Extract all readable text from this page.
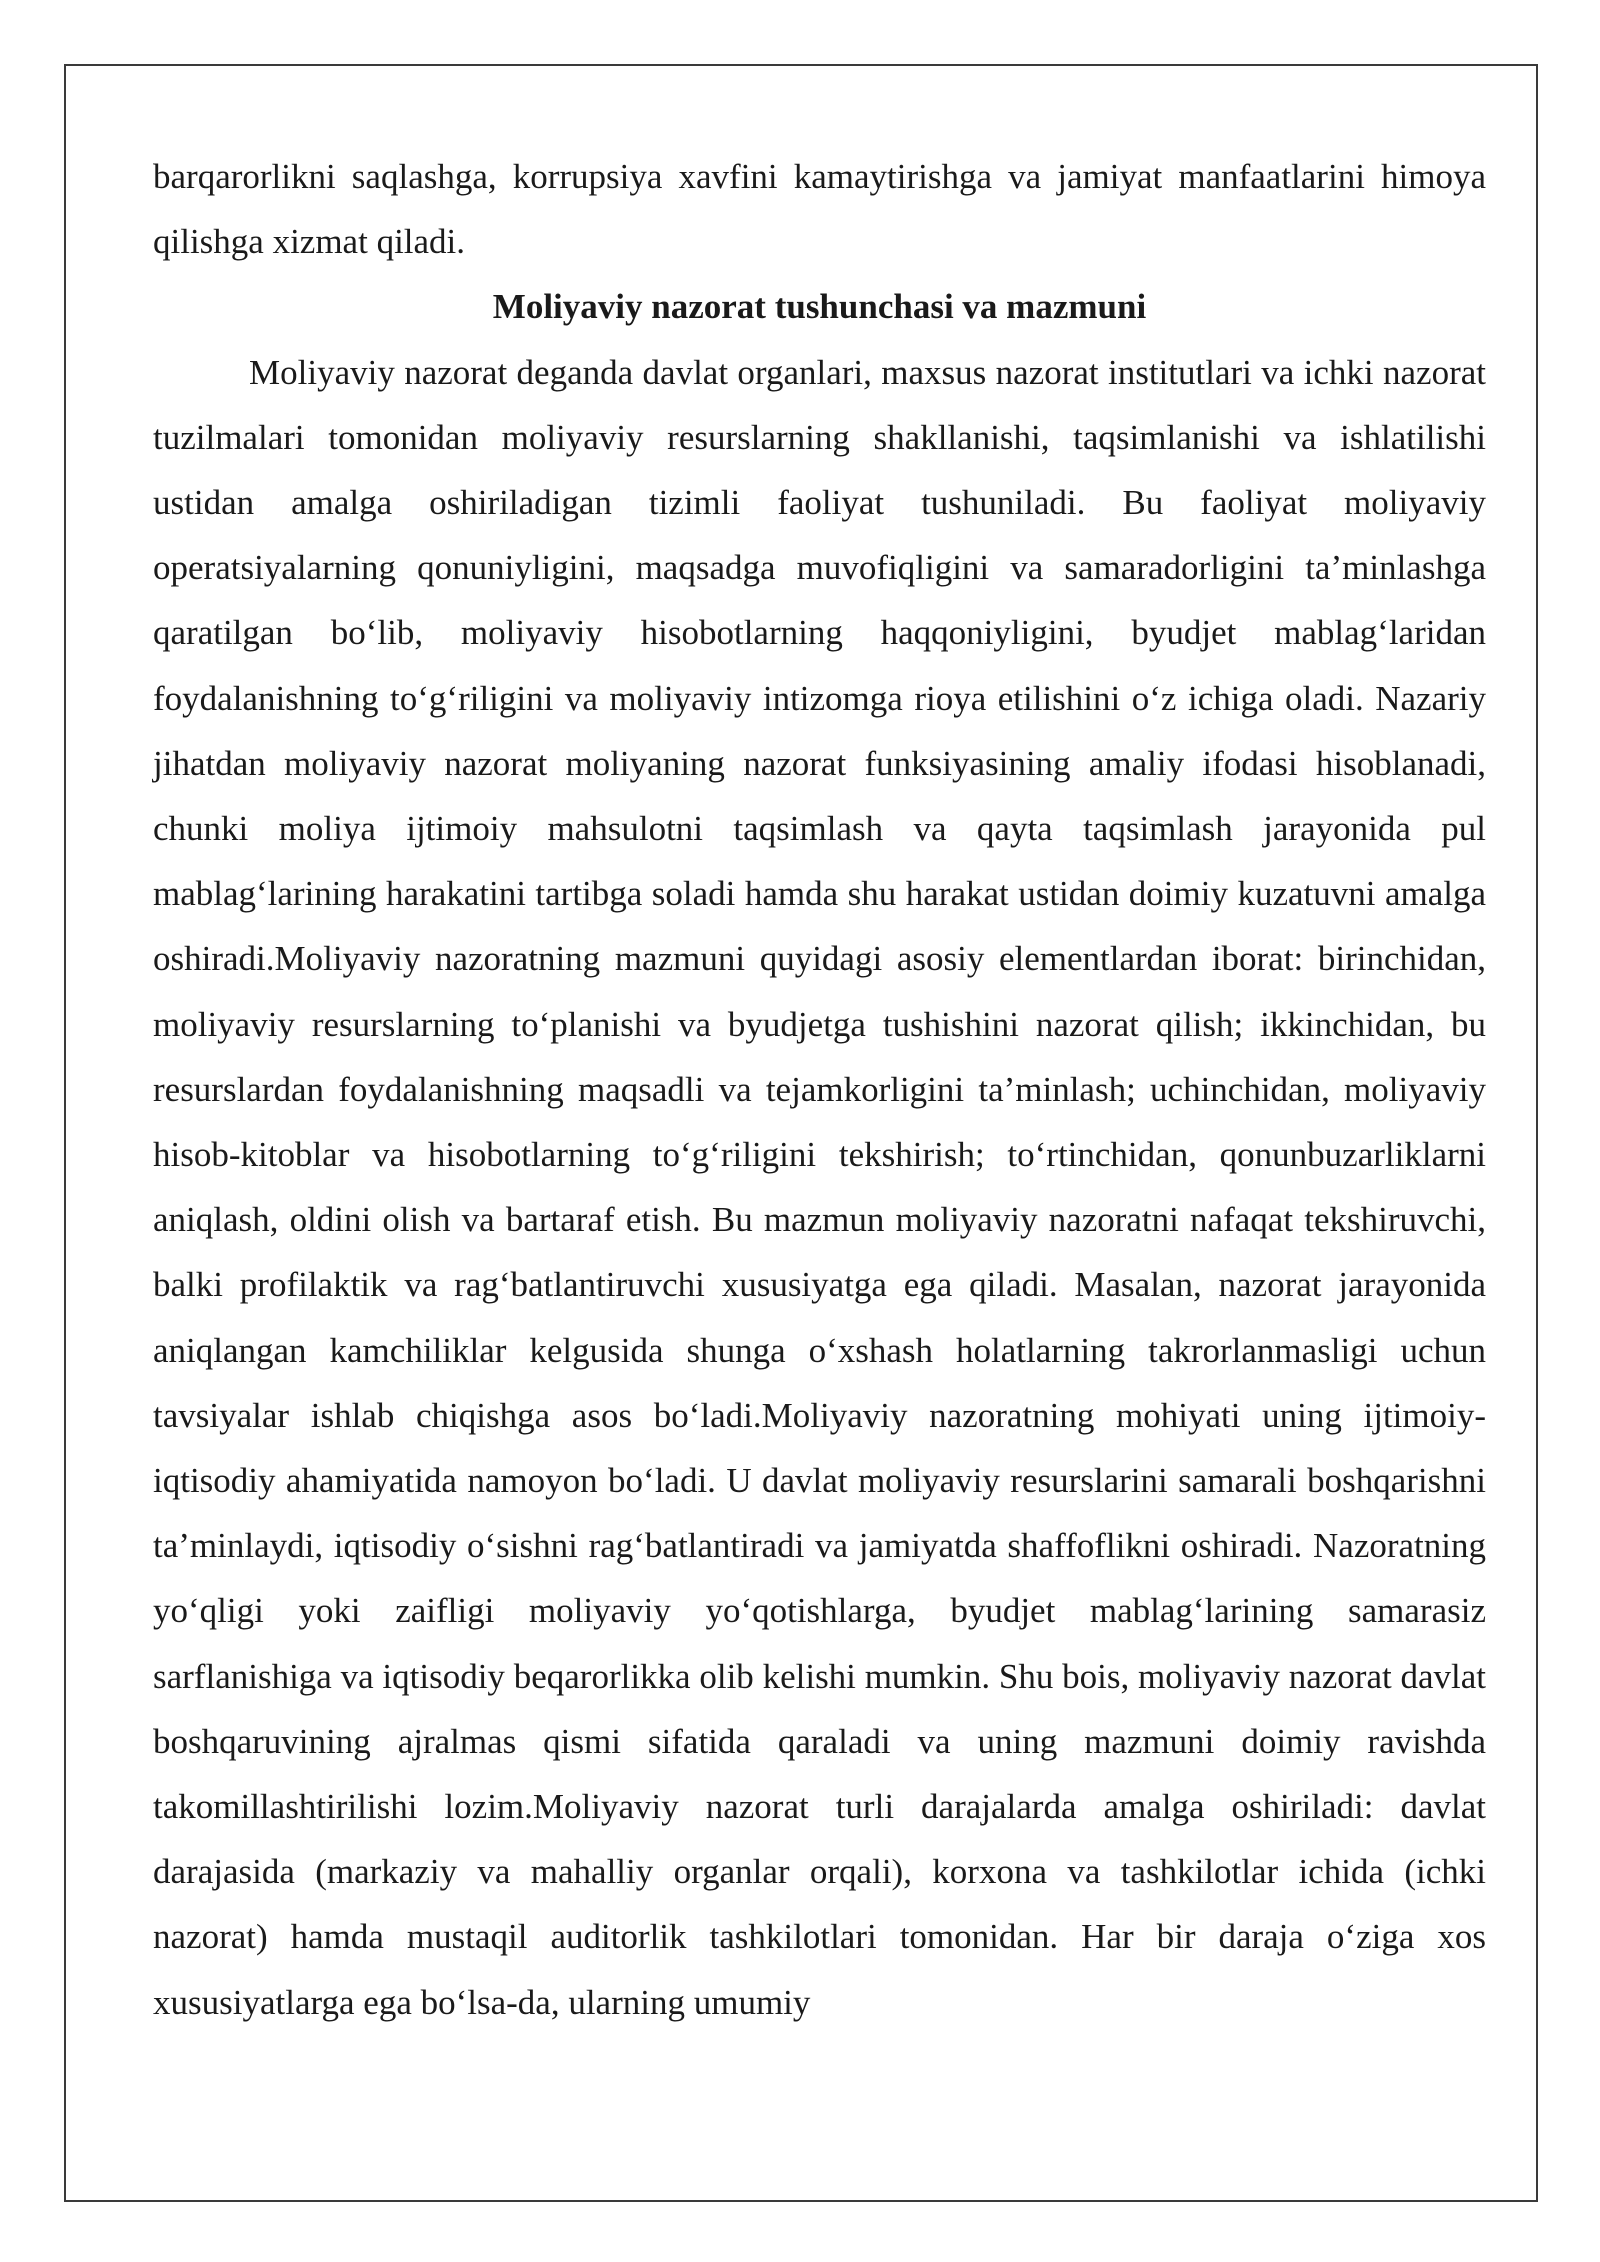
barqarorlikni saqlashga, korrupsiya xavfini kamaytirishga va jamiyat manfaatlarini himoya qilishga xizmat qiladi.

Moliyaviy nazorat tushunchasi va mazmuni

Moliyaviy nazorat deganda davlat organlari, maxsus nazorat institutlari va ichki nazorat tuzilmalari tomonidan moliyaviy resurslarning shakllanishi, taqsimlanishi va ishlatilishi ustidan amalga oshiriladigan tizimli faoliyat tushuniladi. Bu faoliyat moliyaviy operatsiyalarning qonuniyligini, maqsadga muvofiqligini va samaradorligini ta’minlashga qaratilgan bo‘lib, moliyaviy hisobotlarning haqqoniyligini, byudjet mablag‘laridan foydalanishning to‘g‘riligini va moliyaviy intizomga rioya etilishini o‘z ichiga oladi. Nazariy jihatdan moliyaviy nazorat moliyaning nazorat funksiyasining amaliy ifodasi hisoblanadi, chunki moliya ijtimoiy mahsulotni taqsimlash va qayta taqsimlash jarayonida pul mablag‘larining harakatini tartibga soladi hamda shu harakat ustidan doimiy kuzatuvni amalga oshiradi.Moliyaviy nazoratning mazmuni quyidagi asosiy elementlardan iborat: birinchidan, moliyaviy resurslarning to‘planishi va byudjetga tushishini nazorat qilish; ikkinchidan, bu resurslardan foydalanishning maqsadli va tejamkorligini ta’minlash; uchinchidan, moliyaviy hisob-kitoblar va hisobotlarning to‘g‘riligini tekshirish; to‘rtinchidan, qonunbuzarliklarni aniqlash, oldini olish va bartaraf etish. Bu mazmun moliyaviy nazoratni nafaqat tekshiruvchi, balki profilaktik va rag‘batlantiruvchi xususiyatga ega qiladi. Masalan, nazorat jarayonida aniqlangan kamchiliklar kelgusida shunga o‘xshash holatlarning takrorlanmasligi uchun tavsiyalar ishlab chiqishga asos bo‘ladi.Moliyaviy nazoratning mohiyati uning ijtimoiy-iqtisodiy ahamiyatida namoyon bo‘ladi. U davlat moliyaviy resurslarini samarali boshqarishni ta’minlaydi, iqtisodiy o‘sishni rag‘batlantiradi va jamiyatda shaffoflikni oshiradi. Nazoratning yo‘qligi yoki zaifligi moliyaviy yo‘qotishlarga, byudjet mablag‘larining samarasiz sarflanishiga va iqtisodiy beqarorlikka olib kelishi mumkin. Shu bois, moliyaviy nazorat davlat boshqaruvining ajralmas qismi sifatida qaraladi va uning mazmuni doimiy ravishda takomillashtirilishi lozim.Moliyaviy nazorat turli darajalarda amalga oshiriladi: davlat darajasida (markaziy va mahalliy organlar orqali), korxona va tashkilotlar ichida (ichki nazorat) hamda mustaqil auditorlik tashkilotlari tomonidan. Har bir daraja o‘ziga xos xususiyatlarga ega bo‘lsa-da, ularning umumiy
